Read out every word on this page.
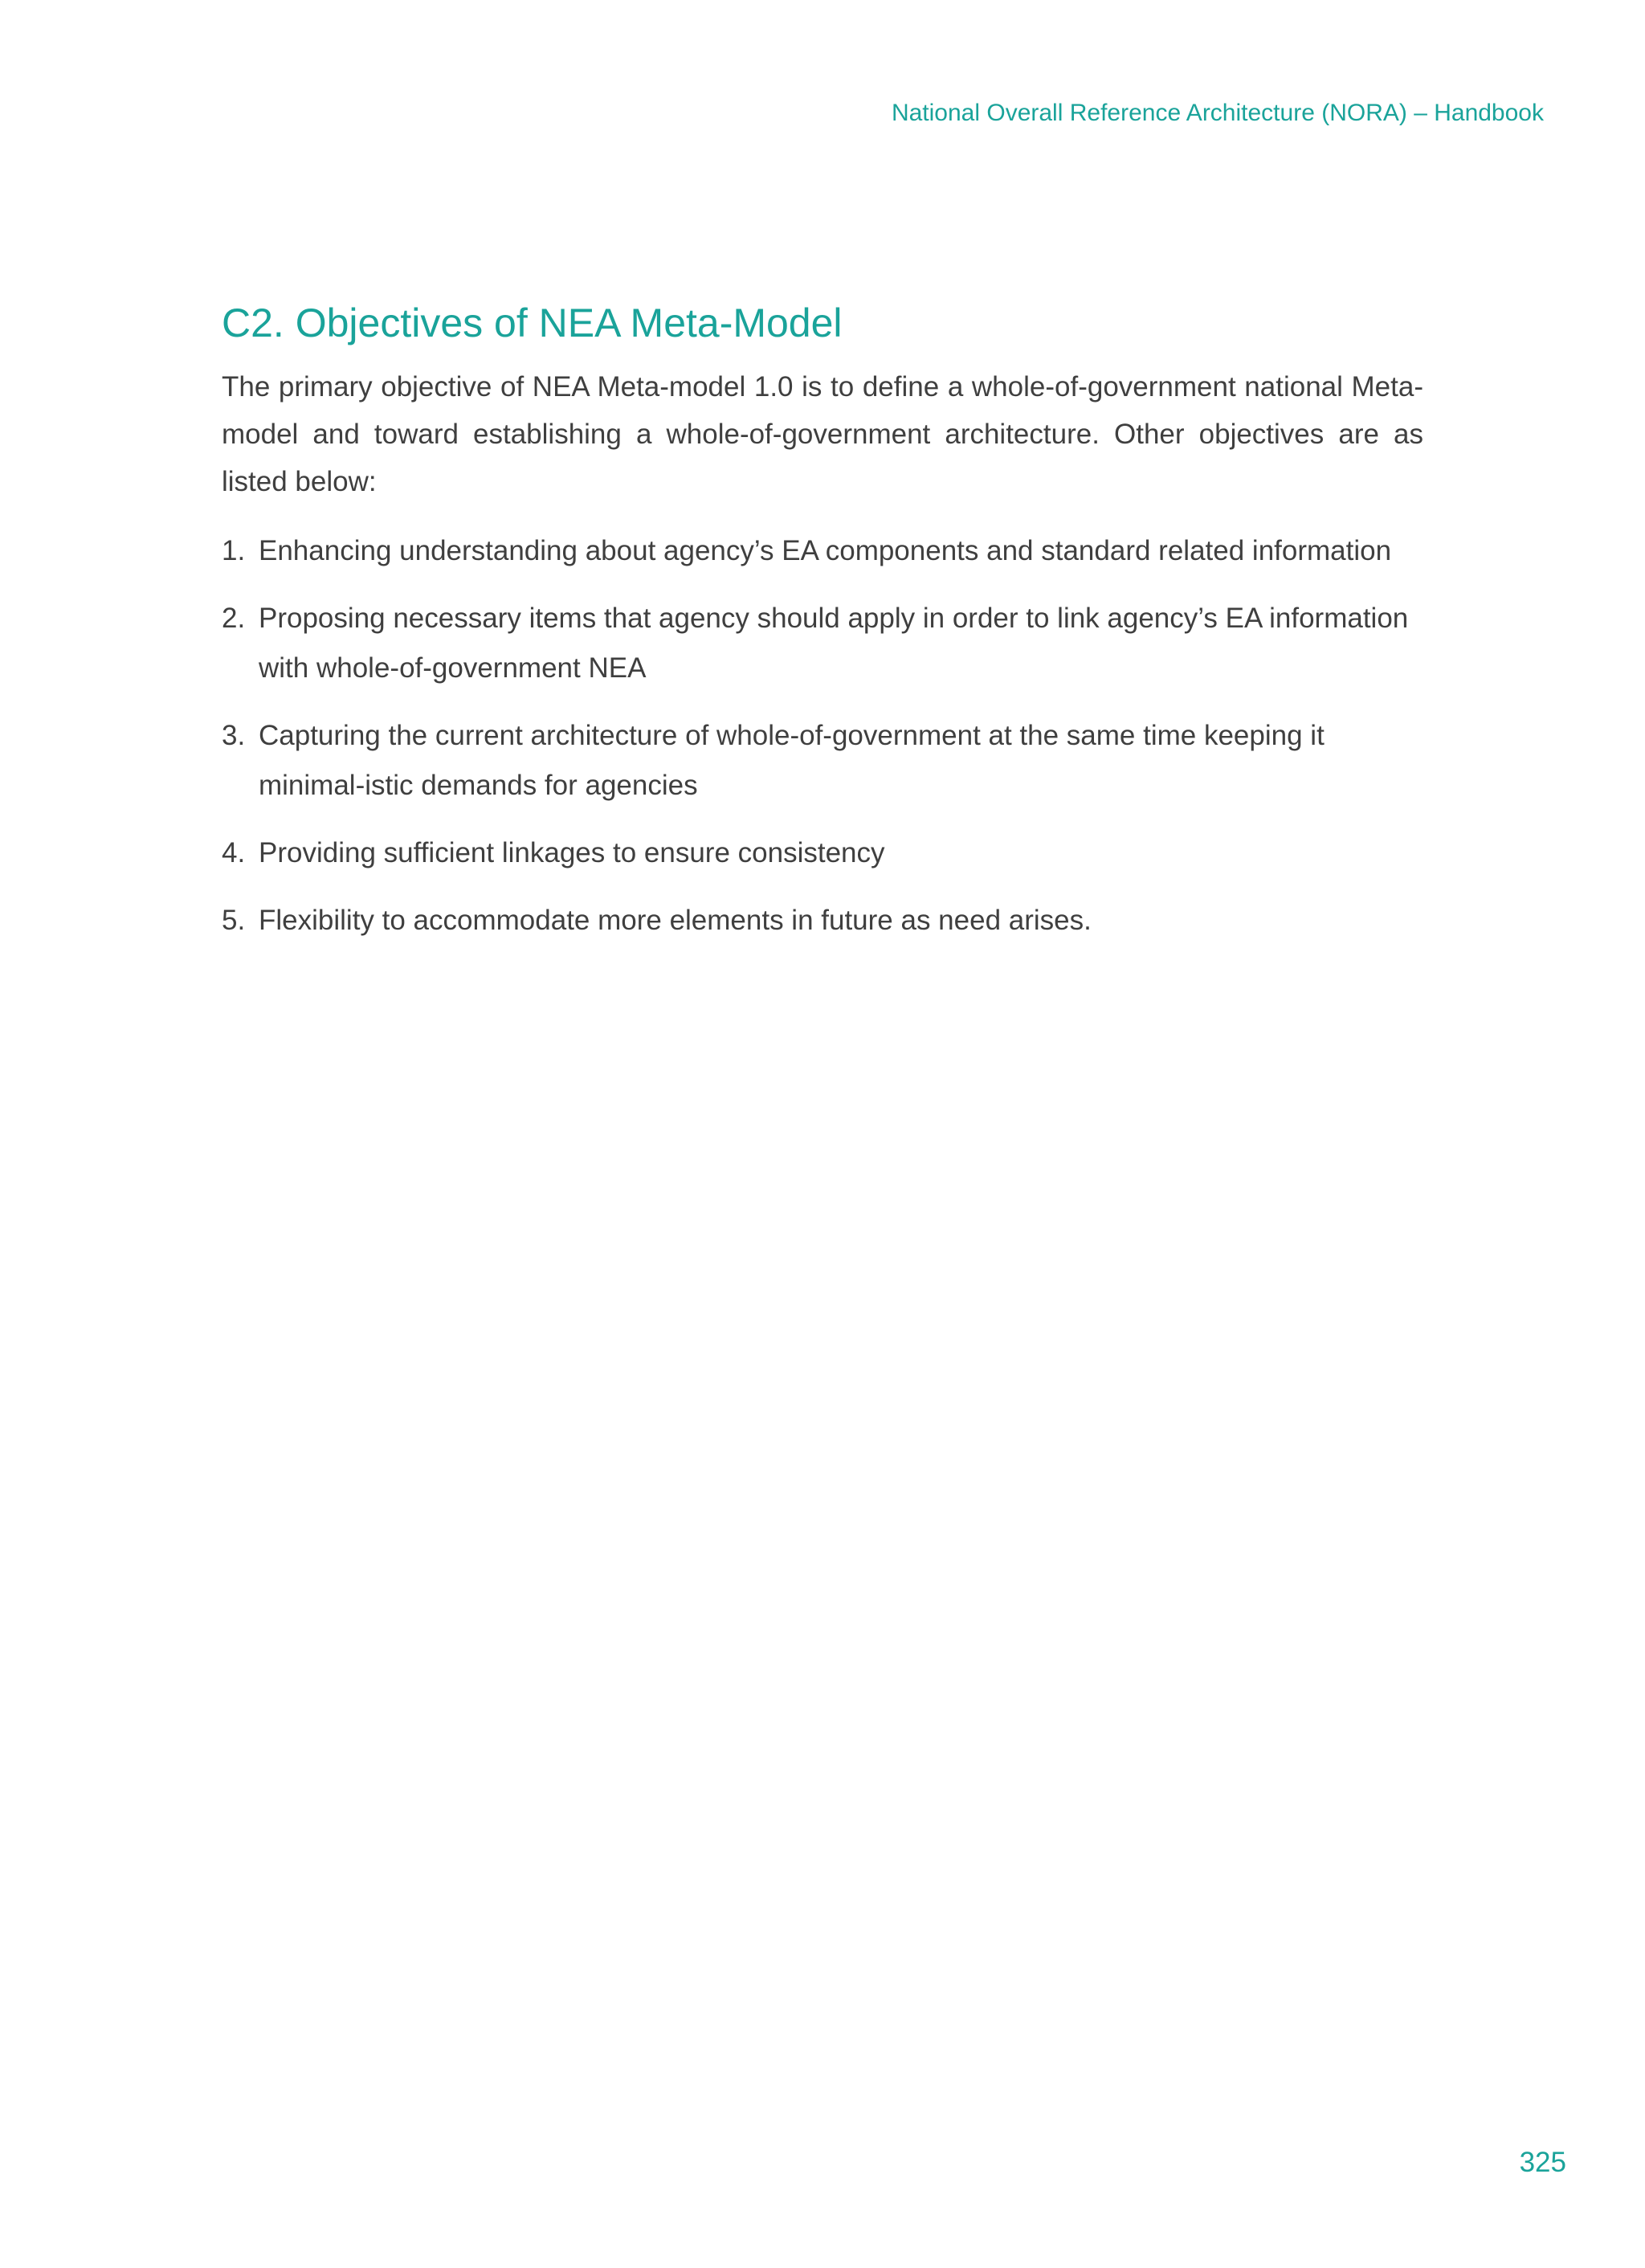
National Overall Reference Architecture (NORA) – Handbook
C2. Objectives of NEA Meta-Model

The primary objective of NEA Meta-model 1.0 is to define a whole-of-government national Meta-model and toward establishing a whole-of-government architecture. Other objectives are as listed below:

1. Enhancing understanding about agency’s EA components and standard related information
2. Proposing necessary items that agency should apply in order to link agency’s EA information with whole-of-government NEA
3. Capturing the current architecture of whole-of-government at the same time keeping it minimal-istic demands for agencies
4. Providing sufficient linkages to ensure consistency
5. Flexibility to accommodate more elements in future as need arises.
325
